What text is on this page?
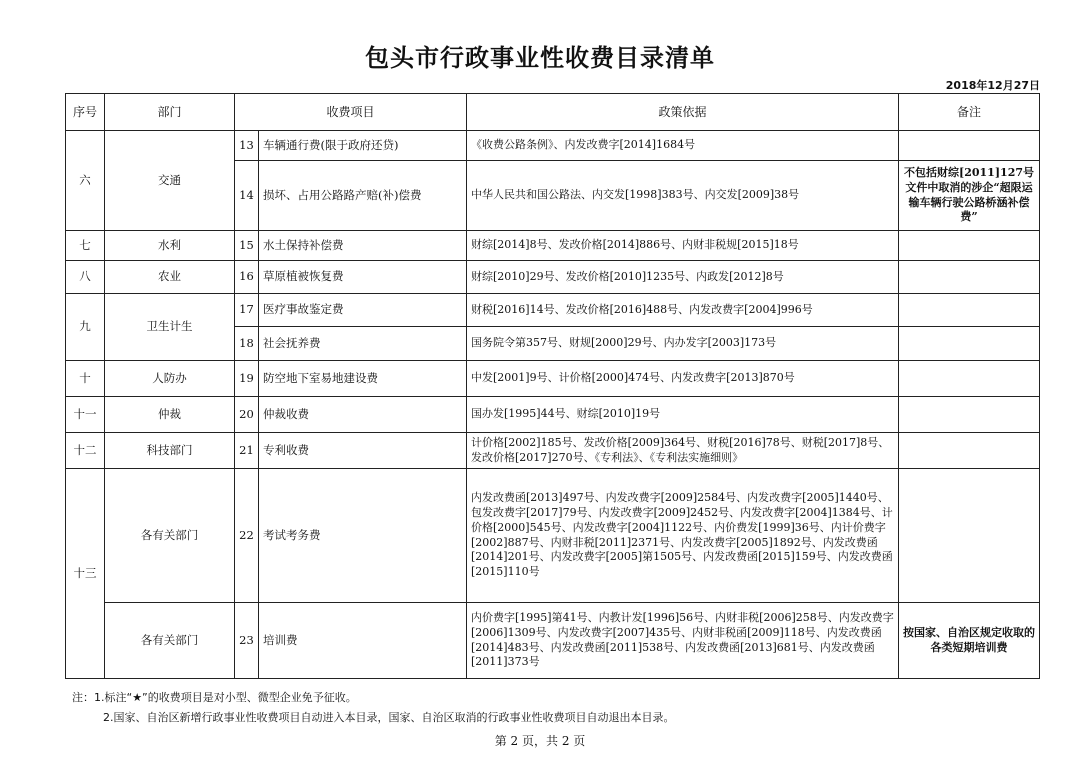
包头市行政事业性收费目录清单
2018年12月27日
序号	部门	收费项目		政策依据	备注
六	交通	13	车辆通行费(限于政府还贷)	《收费公路条例》、内发改费字[2014]1684号	
		14	损坏、占用公路路产赔(补)偿费	中华人民共和国公路法、内交发[1998]383号、内交发[2009]38号	不包括财综[2011]127号文件中取消的涉企“超限运输车辆行驶公路桥涵补偿费”
七	水利	15	水土保持补偿费	财综[2014]8号、发改价格[2014]886号、内财非税规[2015]18号	
八	农业	16	草原植被恢复费	财综[2010]29号、发改价格[2010]1235号、内政发[2012]8号	
九	卫生计生	17	医疗事故鉴定费	财税[2016]14号、发改价格[2016]488号、内发改费字[2004]996号	
		18	社会抚养费	国务院令第357号、财规[2000]29号、内办发字[2003]173号	
十	人防办	19	防空地下室易地建设费	中发[2001]9号、计价格[2000]474号、内发改费字[2013]870号	
十一	仲裁	20	仲裁收费	国办发[1995]44号、财综[2010]19号	
十二	科技部门	21	专利收费	计价格[2002]185号、发改价格[2009]364号、财税[2016]78号、财税[2017]8号、发改价格[2017]270号、《专利法》、《专利法实施细则》	
十三	各有关部门	22	考试考务费	内发改费函[2013]497号、内发改费字[2009]2584号、内发改费字[2005]1440号、包发改费字[2017]79号、内发改费字[2009]2452号、内发改费字[2004]1384号、计价格[2000]545号、内发改费字[2004]1122号、内价费发[1999]36号、内计价费字[2002]887号、内财非税[2011]2371号、内发改费字[2005]1892号、内发改费函[2014]201号、内发改费字[2005]第1505号、内发改费函[2015]159号、内发改费函[2015]110号	
	各有关部门	23	培训费	内价费字[1995]第41号、内教计发[1996]56号、内财非税[2006]258号、内发改费字[2006]1309号、内发改费字[2007]435号、内财非税函[2009]118号、内发改费函[2014]483号、内发改费函[2011]538号、内发改费函[2013]681号、内发改费函[2011]373号	按国家、自治区规定收取的各类短期培训费
注：1.标注“★”的收费项目是对小型、微型企业免予征收。
2.国家、自治区新增行政事业性收费项目自动进入本目录，国家、自治区取消的行政事业性收费项目自动退出本目录。
第 2 页，共 2 页
